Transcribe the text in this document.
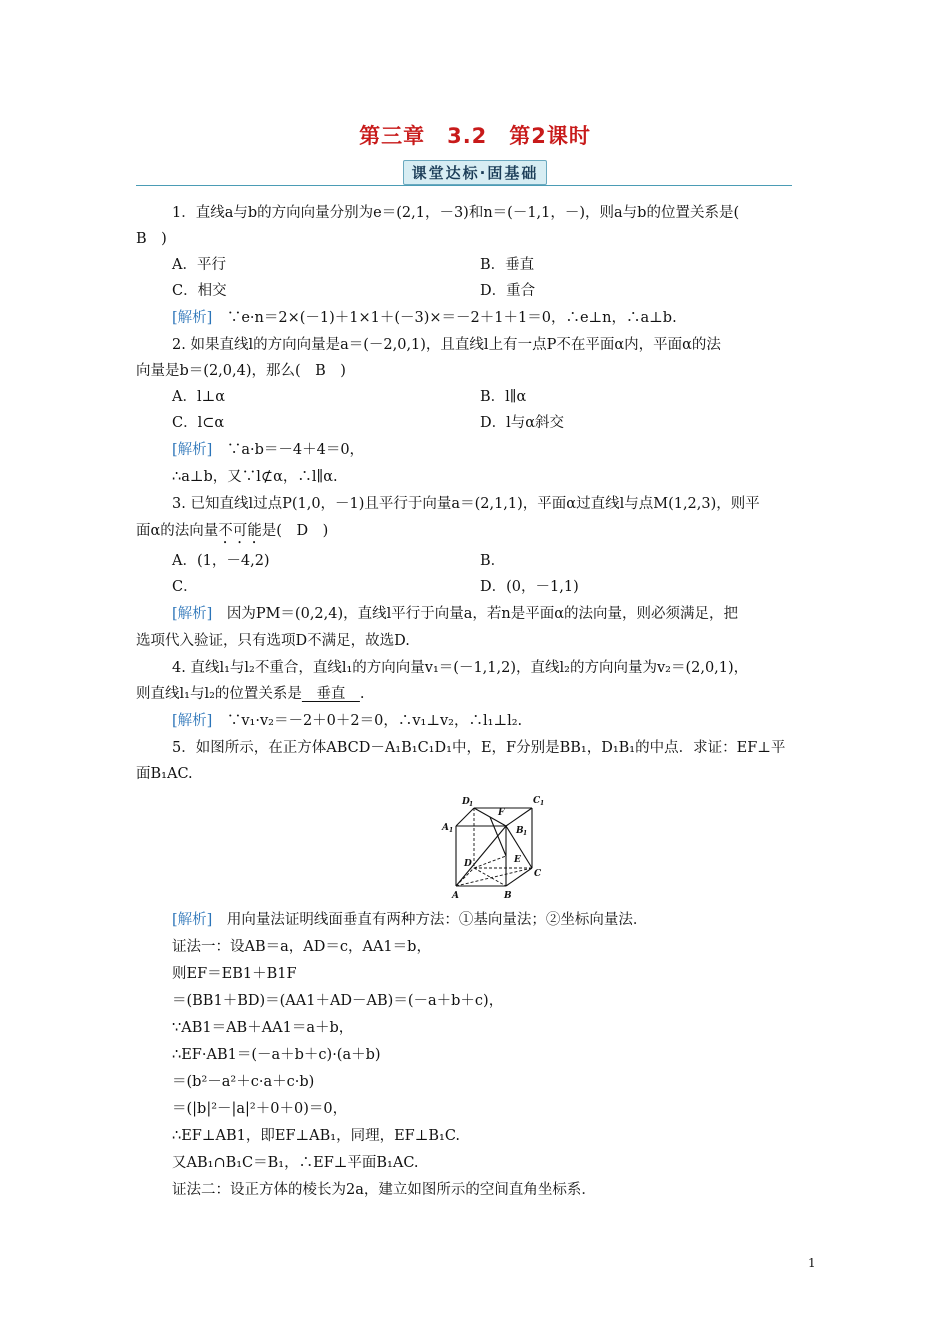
第三章　3.2　第2课时
课堂达标·固基础
1．直线a与b的方向向量分别为e＝(2,1，－3)和n＝(－1,1，－)，则a与b的位置关系是(
B　)
A．平行	B．垂直
C．相交	D．重合
[解析]　 ∵e·n＝2×(－1)＋1×1＋(－3)×＝－2＋1＋1＝0，∴e⊥n，∴a⊥b.
2. 如果直线l的方向向量是a＝(－2,0,1)，且直线l上有一点P不在平面α内，平面α的法
向量是b＝(2,0,4)，那么(　B　)
A．l⊥α	B．l∥α
C．l⊂α	D．l与α斜交
[解析]　 ∵a·b＝－4＋4＝0，
∴a⊥b，又∵l⊄α，∴l∥α.
3. 已知直线l过点P(1,0，－1)且平行于向量a＝(2,1,1)，平面α过直线l与点M(1,2,3)，则平
面α的法向量不可能是(　D　)
A．(1，－4,2)	B．
C．	D．(0，－1,1)
[解析]　 因为PM＝(0,2,4)，直线l平行于向量a，若n是平面α的法向量，则必须满足，把
选项代入验证，只有选项D不满足，故选D.
4. 直线l₁与l₂不重合，直线l₁的方向向量v₁＝(－1,1,2)，直线l₂的方向向量为v₂＝(2,0,1)，
则直线l₁与l₂的位置关系是　垂直　.
[解析]　 ∵v₁·v₂＝－2＋0＋2＝0，∴v₁⊥v₂，∴l₁⊥l₂.
5．如图所示，在正方体ABCD－A₁B₁C₁D₁中，E，F分别是BB₁，D₁B₁的中点．求证：EF⊥平
面B₁AC.
D 1	C 1
A 1
F
B 1
D	E
C
A	B
[解析]　 用向量法证明线面垂直有两种方法：①基向量法；②坐标向量法．
证法一：设AB＝a，AD＝c，AA1＝b，
则EF＝EB1＋B1F
＝(BB1＋BD)＝(AA1＋AD－AB)＝(－a＋b＋c)，
∵AB1＝AB＋AA1＝a＋b，
∴EF·AB1＝(－a＋b＋c)·(a＋b)
＝(b²－a²＋c·a＋c·b)
＝(|b|²－|a|²＋0＋0)＝0，
∴EF⊥AB1，即EF⊥AB₁，同理，EF⊥B₁C.
又AB₁∩B₁C＝B₁，∴EF⊥平面B₁AC.
证法二：设正方体的棱长为2a，建立如图所示的空间直角坐标系．
1
